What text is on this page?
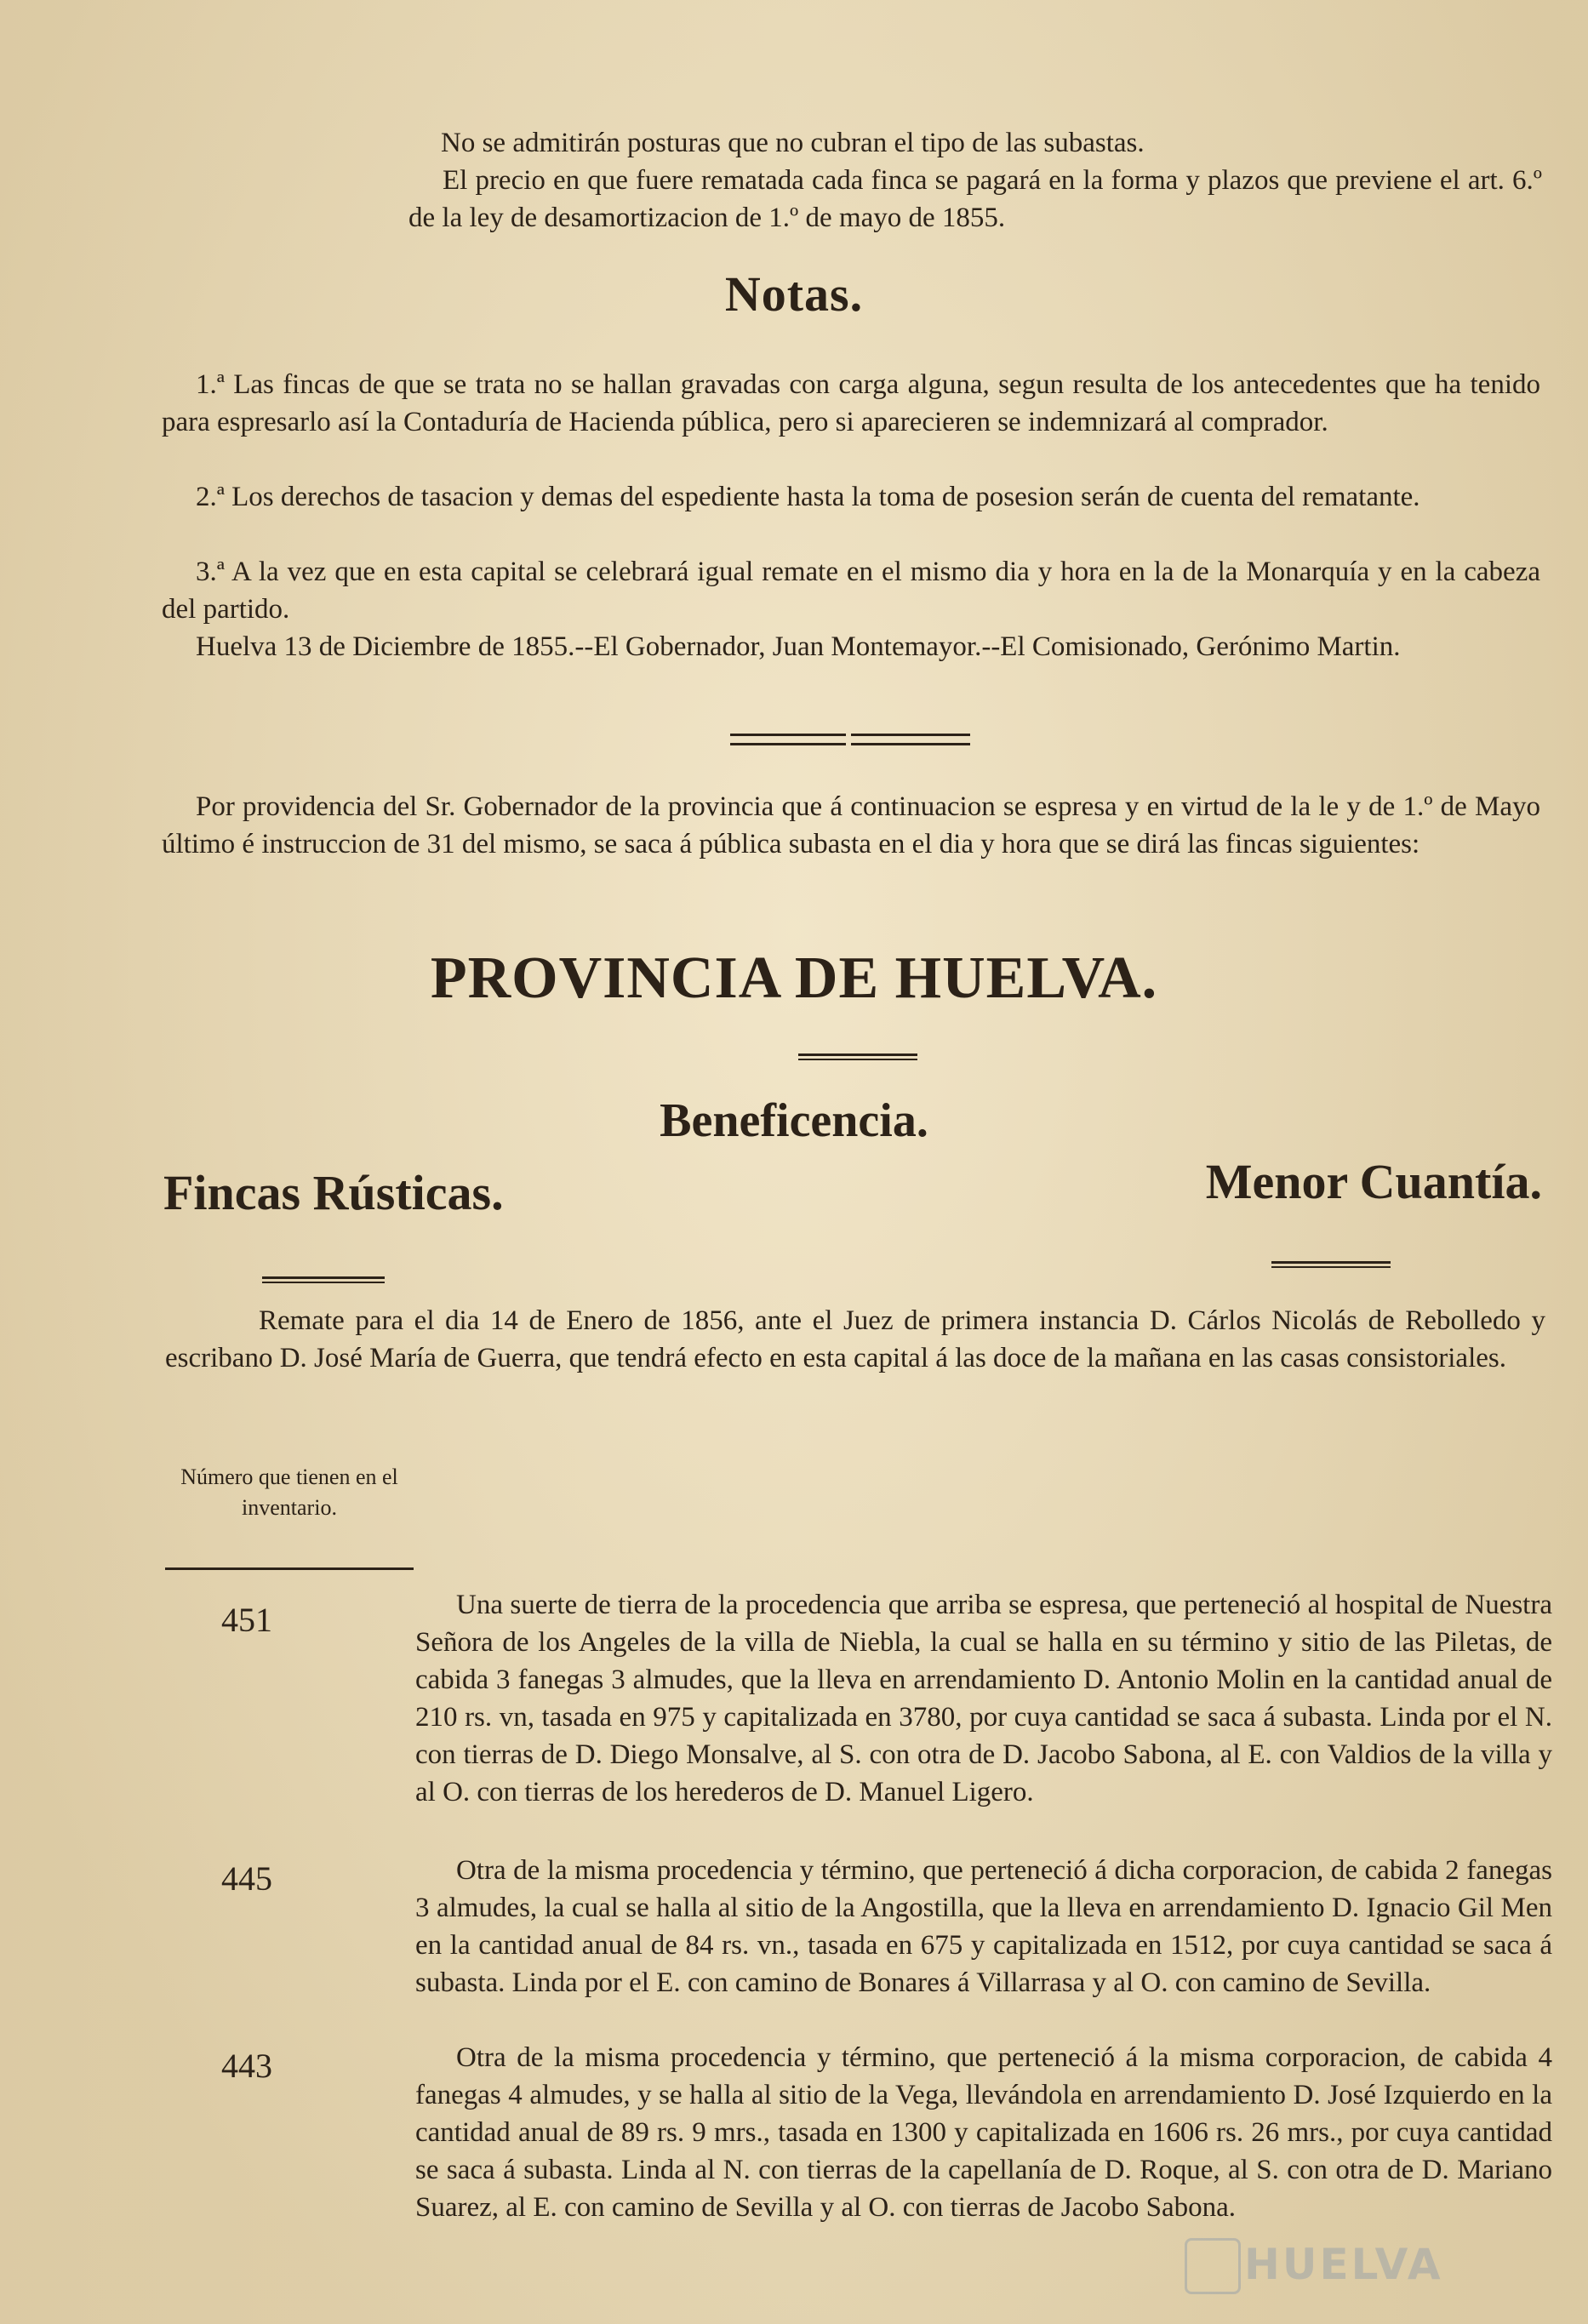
No se admitirán posturas que no cubran el tipo de las subastas.

El precio en que fuere rematada cada finca se pagará en la forma y plazos que previene el art. 6.º de la ley de desamortizacion de 1.º de mayo de 1855.

Notas.

1.ª Las fincas de que se trata no se hallan gravadas con carga alguna, segun resulta de los antecedentes que ha tenido para espresarlo así la Contaduría de Hacienda pública, pero si aparecieren se indemnizará al comprador.

2.ª Los derechos de tasacion y demas del espediente hasta la toma de posesion serán de cuenta del rematante.

3.ª A la vez que en esta capital se celebrará igual remate en el mismo dia y hora en la de la Monarquía y en la cabeza del partido.

Huelva 13 de Diciembre de 1855.--El Gobernador, Juan Montemayor.--El Comisionado, Gerónimo Martin.

Por providencia del Sr. Gobernador de la provincia que á continuacion se espresa y en virtud de la le y de 1.º de Mayo último é instruccion de 31 del mismo, se saca á pública subasta en el dia y hora que se dirá las fincas siguientes:

PROVINCIA DE HUELVA.
Beneficencia.
Fincas Rústicas.	Menor Cuantía.

Remate para el dia 14 de Enero de 1856, ante el Juez de primera instancia D. Cárlos Nicolás de Rebolledo y escribano D. José María de Guerra, que tendrá efecto en esta capital á las doce de la mañana en las casas consistoriales.

Número que tienen en el inventario.

451	Una suerte de tierra de la procedencia que arriba se espresa, que perteneció al hospital de Nuestra Señora de los Angeles de la villa de Niebla, la cual se halla en su término y sitio de las Piletas, de cabida 3 fanegas 3 almudes, que la lleva en arrendamiento D. Antonio Molin en la cantidad anual de 210 rs. vn, tasada en 975 y capitalizada en 3780, por cuya cantidad se saca á subasta. Linda por el N. con tierras de D. Diego Monsalve, al S. con otra de D. Jacobo Sabona, al E. con Valdios de la villa y al O. con tierras de los herederos de D. Manuel Ligero.

445	Otra de la misma procedencia y término, que perteneció á dicha corporacion, de cabida 2 fanegas 3 almudes, la cual se halla al sitio de la Angostilla, que la lleva en arrendamiento D. Ignacio Gil Men en la cantidad anual de 84 rs. vn., tasada en 675 y capitalizada en 1512, por cuya cantidad se saca á subasta. Linda por el E. con camino de Bonares á Villarrasa y al O. con camino de Sevilla.

443	Otra de la misma procedencia y término, que perteneció á la misma corporacion, de cabida 4 fanegas 4 almudes, y se halla al sitio de la Vega, llevándola en arrendamiento D. José Izquierdo en la cantidad anual de 89 rs. 9 mrs., tasada en 1300 y capitalizada en 1606 rs. 26 mrs., por cuya cantidad se saca á subasta. Linda al N. con tierras de la capellanía de D. Roque, al S. con otra de D. Mariano Suarez, al E. con camino de Sevilla y al O. con tierras de Jacobo Sabona.

HUELVA
